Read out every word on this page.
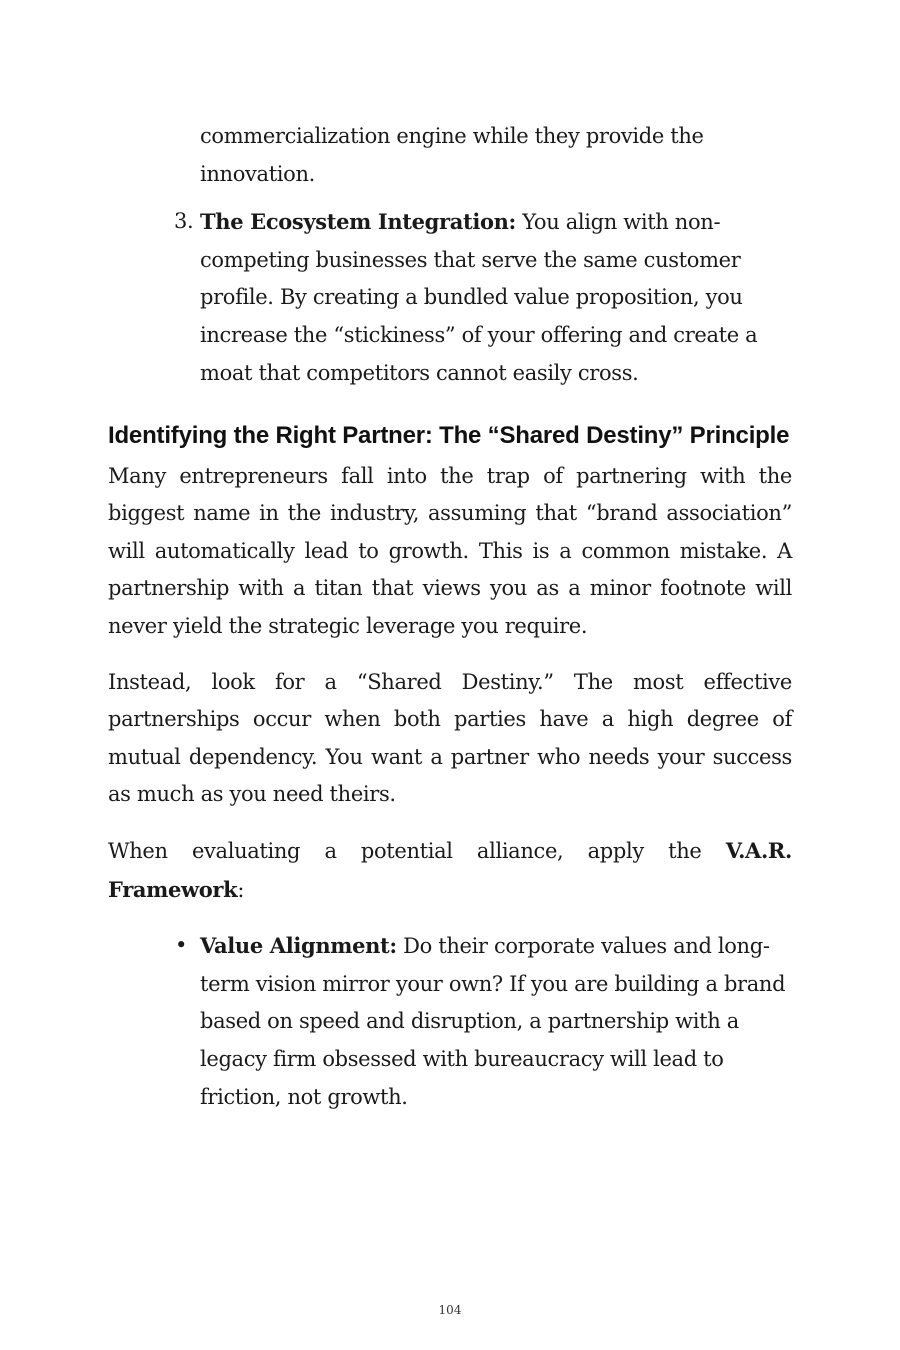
commercialization engine while they provide the innovation.

3. The Ecosystem Integration: You align with non-competing businesses that serve the same customer profile. By creating a bundled value proposition, you increase the “stickiness” of your offering and create a moat that competitors cannot easily cross.
Identifying the Right Partner: The “Shared Destiny” Principle

Many entrepreneurs fall into the trap of partnering with the biggest name in the industry, assuming that “brand association” will automatically lead to growth. This is a common mistake. A partnership with a titan that views you as a minor footnote will never yield the strategic leverage you require.

Instead, look for a “Shared Destiny.” The most effective partnerships occur when both parties have a high degree of mutual dependency. You want a partner who needs your success as much as you need theirs.

When evaluating a potential alliance, apply the V.A.R. Framework:

• Value Alignment: Do their corporate values and long-term vision mirror your own? If you are building a brand based on speed and disruption, a partnership with a legacy firm obsessed with bureaucracy will lead to friction, not growth.
104
